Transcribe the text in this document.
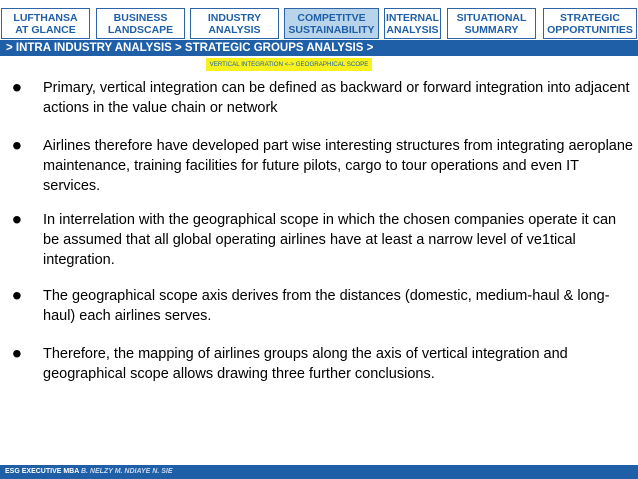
LUFTHANSA
AT GLANCE
BUSINESS
LANDSCAPE
INDUSTRY
ANALYSIS
COMPETITVE
SUSTAINABILITY
INTERNAL
ANALYSIS
SITUATIONAL
SUMMARY
STRATEGIC
OPPORTUNITIES
> INTRA INDUSTRY ANALYSIS > STRATEGIC GROUPS ANALYSIS >
VERTICAL INTEGRATION <-> GEOGRAPHICAL SCOPE
• Primary, vertical integration can be defined as backward or forward integration into adjacent actions in the value chain or network
• Airlines therefore have developed part wise interesting structures from integrating aeroplane maintenance, training facilities for future pilots, cargo to tour operations and even IT services.
• In interrelation with the geographical scope in which the chosen companies operate it can be assumed that all global operating airlines have at least a narrow level of ve1tical integration.
• The geographical scope axis derives from the distances (domestic, medium-haul & long-haul) each airlines serves.
• Therefore, the mapping of airlines groups along the axis of vertical integration and geographical scope allows drawing three further conclusions.
ESG EXECUTIVE MBA B. NELZY M. NDIAYE N. SIE
